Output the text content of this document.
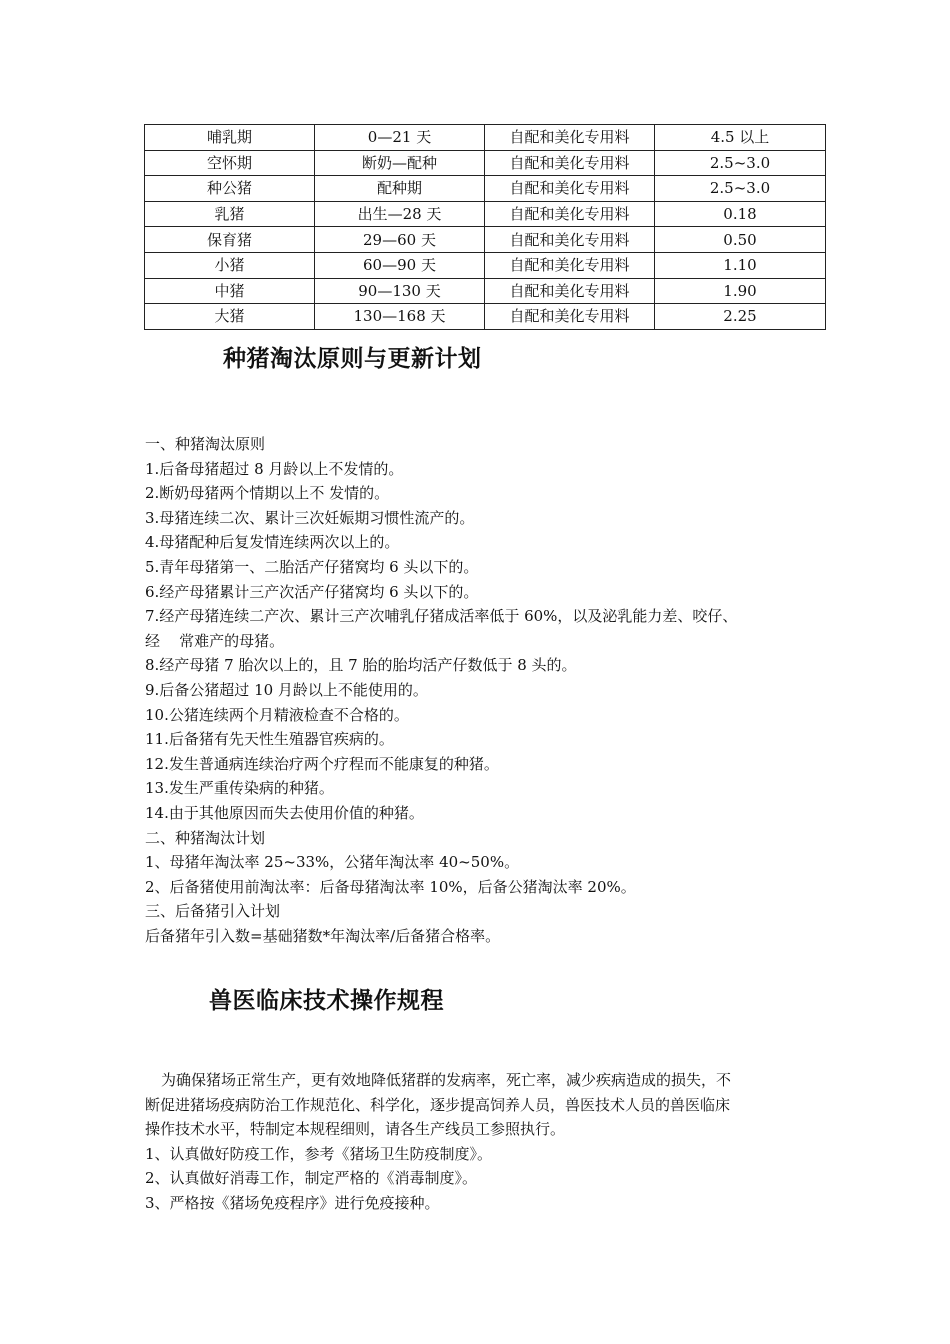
哺乳期	0—21 天	自配和美化专用料	4.5 以上
空怀期	断奶—配种	自配和美化专用料	2.5~3.0
种公猪	配种期	自配和美化专用料	2.5~3.0
乳猪	出生—28 天	自配和美化专用料	0.18
保育猪	29—60 天	自配和美化专用料	0.50
小猪	60—90 天	自配和美化专用料	1.10
中猪	90—130 天	自配和美化专用料	1.90
大猪	130—168 天	自配和美化专用料	2.25
种猪淘汰原则与更新计划
一、种猪淘汰原则
1.后备母猪超过 8 月龄以上不发情的。
2.断奶母猪两个情期以上不 发情的。
3.母猪连续二次、累计三次妊娠期习惯性流产的。
4.母猪配种后复发情连续两次以上的。
5.青年母猪第一、二胎活产仔猪窝均 6 头以下的。
6.经产母猪累计三产次活产仔猪窝均 6 头以下的。
7.经产母猪连续二产次、累计三产次哺乳仔猪成活率低于 60%，以及泌乳能力差、咬仔、
经    常难产的母猪。
8.经产母猪 7 胎次以上的，且 7 胎的胎均活产仔数低于 8 头的。
9.后备公猪超过 10 月龄以上不能使用的。
10.公猪连续两个月精液检查不合格的。
11.后备猪有先天性生殖器官疾病的。
12.发生普通病连续治疗两个疗程而不能康复的种猪。
13.发生严重传染病的种猪。
14.由于其他原因而失去使用价值的种猪。
二、种猪淘汰计划
1、母猪年淘汰率 25~33%，公猪年淘汰率 40~50%。
2、后备猪使用前淘汰率：后备母猪淘汰率 10%，后备公猪淘汰率 20%。
三、后备猪引入计划
后备猪年引入数=基础猪数*年淘汰率/后备猪合格率。
兽医临床技术操作规程
为确保猪场正常生产，更有效地降低猪群的发病率，死亡率，减少疾病造成的损失，不
断促进猪场疫病防治工作规范化、科学化，逐步提高饲养人员，兽医技术人员的兽医临床
操作技术水平，特制定本规程细则，请各生产线员工参照执行。
1、认真做好防疫工作，参考《猪场卫生防疫制度》。
2、认真做好消毒工作，制定严格的《消毒制度》。
3、严格按《猪场免疫程序》进行免疫接种。
